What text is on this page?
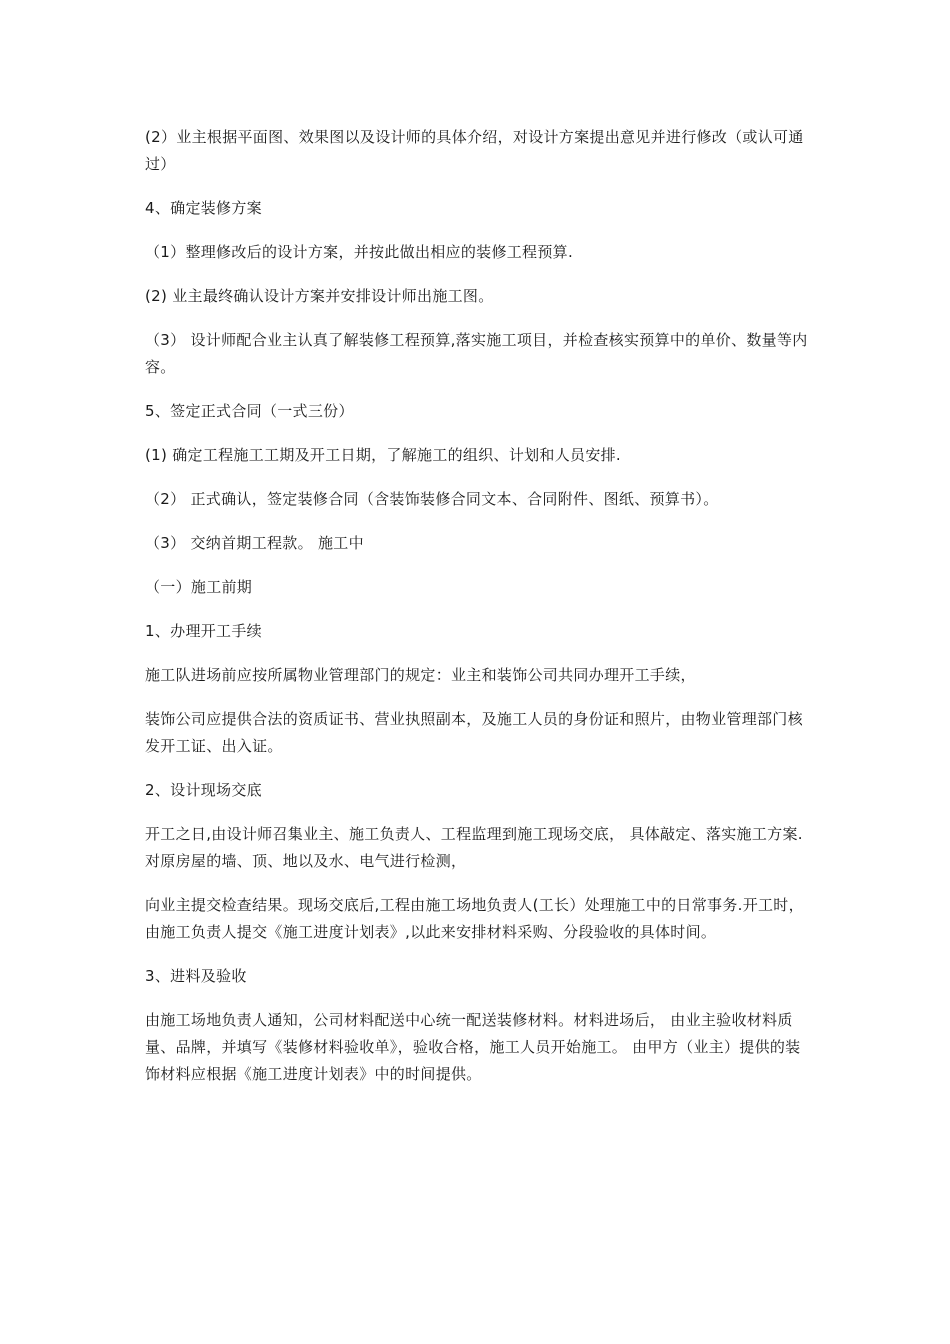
(2）业主根据平面图、效果图以及设计师的具体介绍，对设计方案提出意见并进行修改（或认可通过）

4、确定装修方案

（1）整理修改后的设计方案，并按此做出相应的装修工程预算.

(2) 业主最终确认设计方案并安排设计师出施工图。

（3） 设计师配合业主认真了解装修工程预算,落实施工项目，并检查核实预算中的单价、数量等内容。

5、签定正式合同（一式三份）

(1) 确定工程施工工期及开工日期，了解施工的组织、计划和人员安排.

（2） 正式确认，签定装修合同（含装饰装修合同文本、合同附件、图纸、预算书）。

（3） 交纳首期工程款。 施工中

（一）施工前期

1、办理开工手续

施工队进场前应按所属物业管理部门的规定：业主和装饰公司共同办理开工手续，

装饰公司应提供合法的资质证书、营业执照副本，及施工人员的身份证和照片，由物业管理部门核发开工证、出入证。

2、设计现场交底

开工之日,由设计师召集业主、施工负责人、工程监理到施工现场交底， 具体敲定、落实施工方案.对原房屋的墙、顶、地以及水、电气进行检测，

向业主提交检查结果。现场交底后,工程由施工场地负责人(工长）处理施工中的日常事务.开工时，由施工负责人提交《施工进度计划表》,以此来安排材料采购、分段验收的具体时间。

3、进料及验收

由施工场地负责人通知，公司材料配送中心统一配送装修材料。材料进场后， 由业主验收材料质量、品牌，并填写《装修材料验收单》，验收合格，施工人员开始施工。 由甲方（业主）提供的装饰材料应根据《施工进度计划表》中的时间提供。
